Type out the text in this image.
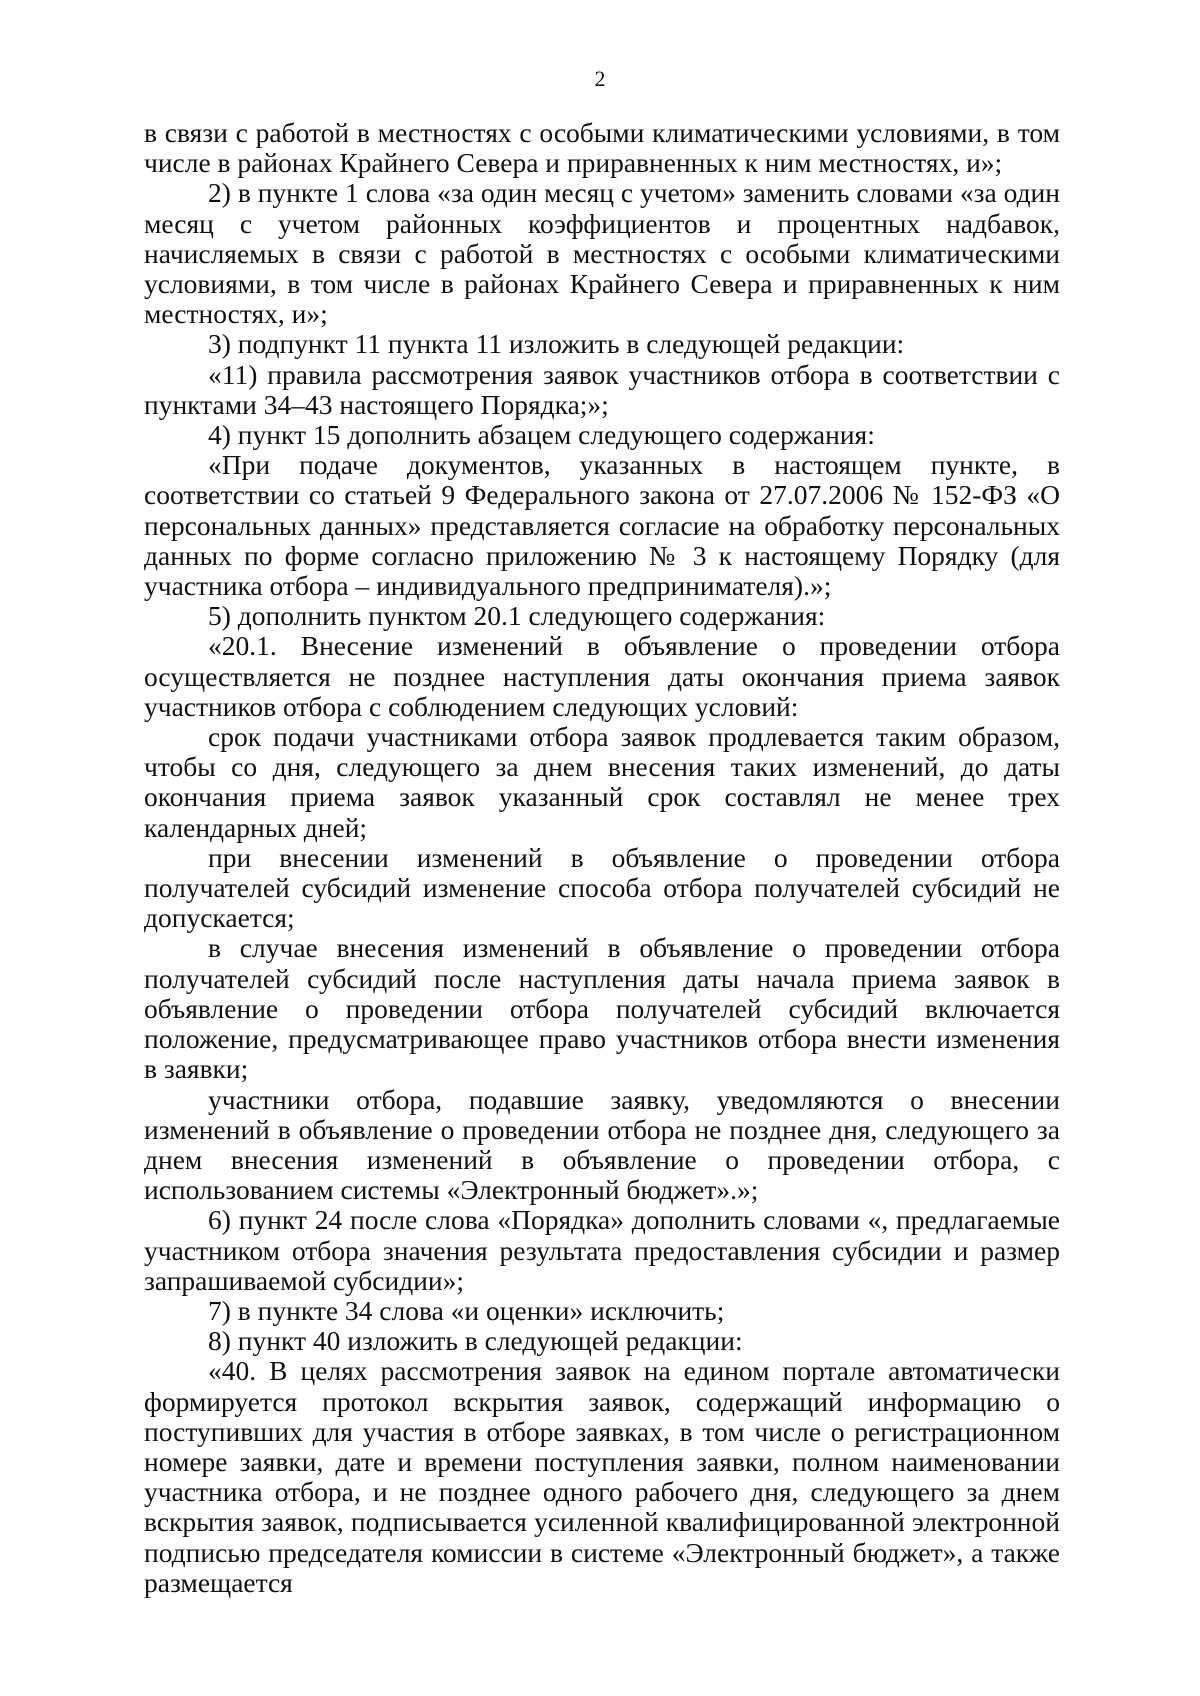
2

в связи с работой в местностях с особыми климатическими условиями, в том числе в районах Крайнего Севера и приравненных к ним местностях, и»;

2) в пункте 1 слова «за один месяц с учетом» заменить словами «за один месяц с учетом районных коэффициентов и процентных надбавок, начисляемых в связи с работой в местностях с особыми климатическими условиями, в том числе в районах Крайнего Севера и приравненных к ним местностях, и»;

3) подпункт 11 пункта 11 изложить в следующей редакции:

«11) правила рассмотрения заявок участников отбора в соответствии с пунктами 34–43 настоящего Порядка;»;

4) пункт 15 дополнить абзацем следующего содержания:

«При подаче документов, указанных в настоящем пункте, в соответствии со статьей 9 Федерального закона от 27.07.2006 № 152-ФЗ «О персональных данных» представляется согласие на обработку персональных данных по форме согласно приложению № 3 к настоящему Порядку (для участника отбора – индивидуального предпринимателя).»;

5) дополнить пунктом 20.1 следующего содержания:

«20.1. Внесение изменений в объявление о проведении отбора осуществляется не позднее наступления даты окончания приема заявок участников отбора с соблюдением следующих условий:

срок подачи участниками отбора заявок продлевается таким образом, чтобы со дня, следующего за днем внесения таких изменений, до даты окончания приема заявок указанный срок составлял не менее трех календарных дней;

при внесении изменений в объявление о проведении отбора получателей субсидий изменение способа отбора получателей субсидий не допускается;

в случае внесения изменений в объявление о проведении отбора получателей субсидий после наступления даты начала приема заявок в объявление о проведении отбора получателей субсидий включается положение, предусматривающее право участников отбора внести изменения в заявки;

участники отбора, подавшие заявку, уведомляются о внесении изменений в объявление о проведении отбора не позднее дня, следующего за днем внесения изменений в объявление о проведении отбора, с использованием системы «Электронный бюджет».»;

6) пункт 24 после слова «Порядка» дополнить словами «, предлагаемые участником отбора значения результата предоставления субсидии и размер запрашиваемой субсидии»;

7) в пункте 34 слова «и оценки» исключить;

8) пункт 40 изложить в следующей редакции:

«40. В целях рассмотрения заявок на едином портале автоматически формируется протокол вскрытия заявок, содержащий информацию о поступивших для участия в отборе заявках, в том числе о регистрационном номере заявки, дате и времени поступления заявки, полном наименовании участника отбора, и не позднее одного рабочего дня, следующего за днем вскрытия заявок, подписывается усиленной квалифицированной электронной подписью председателя комиссии в системе «Электронный бюджет», а также размещается
